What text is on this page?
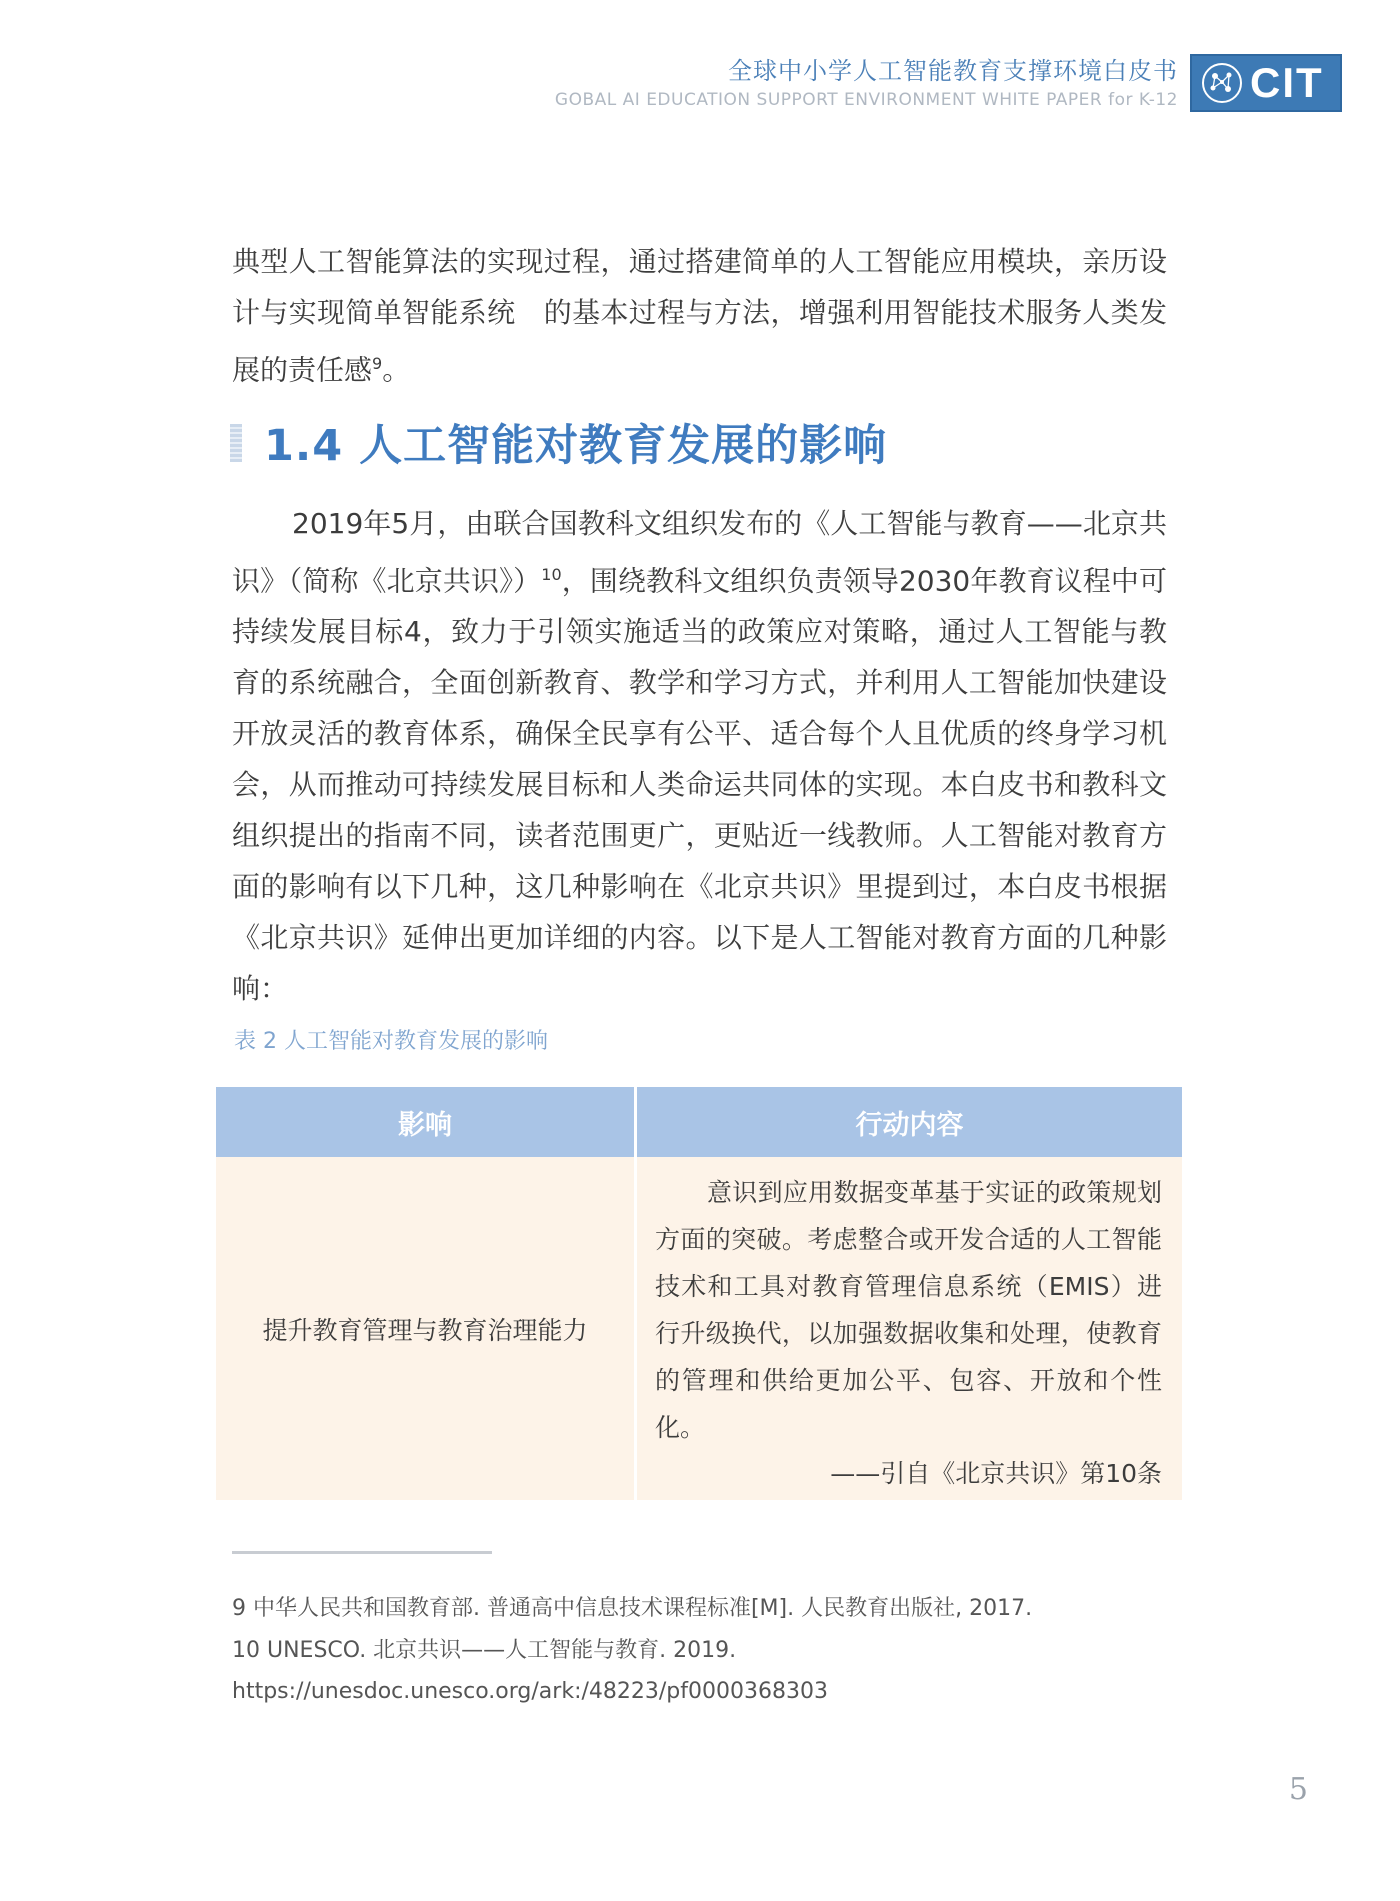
全球中小学人工智能教育支撑环境白皮书
GOBAL AI EDUCATION SUPPORT ENVIRONMENT WHITE PAPER for K-12 CIT
典型人工智能算法的实现过程，通过搭建简单的人工智能应用模块，亲历设计与实现简单智能系统　的基本过程与方法，增强利用智能技术服务人类发展的责任感$^9$。
1.4 人工智能对教育发展的影响
2019年5月，由联合国教科文组织发布的《人工智能与教育——北京共识》（简称《北京共识》）$^{10}$，围绕教科文组织负责领导2030年教育议程中可持续发展目标4，致力于引领实施适当的政策应对策略，通过人工智能与教育的系统融合，全面创新教育、教学和学习方式，并利用人工智能加快建设开放灵活的教育体系，确保全民享有公平、适合每个人且优质的终身学习机会，从而推动可持续发展目标和人类命运共同体的实现。本白皮书和教科文组织提出的指南不同，读者范围更广，更贴近一线教师。人工智能对教育方面的影响有以下几种，这几种影响在《北京共识》里提到过，本白皮书根据《北京共识》延伸出更加详细的内容。以下是人工智能对教育方面的几种影响：
表 2 人工智能对教育发展的影响
影响	行动内容
提升教育管理与教育治理能力
意识到应用数据变革基于实证的政策规划方面的突破。考虑整合或开发合适的人工智能技术和工具对教育管理信息系统（EMIS）进行升级换代，以加强数据收集和处理，使教育的管理和供给更加公平、包容、开放和个性化。
——引自《北京共识》第10条
9 中华人民共和国教育部. 普通高中信息技术课程标准[M]. 人民教育出版社, 2017.
10 UNESCO. 北京共识——人工智能与教育. 2019. https://unesdoc.unesco.org/ark:/48223/pf0000368303
5
